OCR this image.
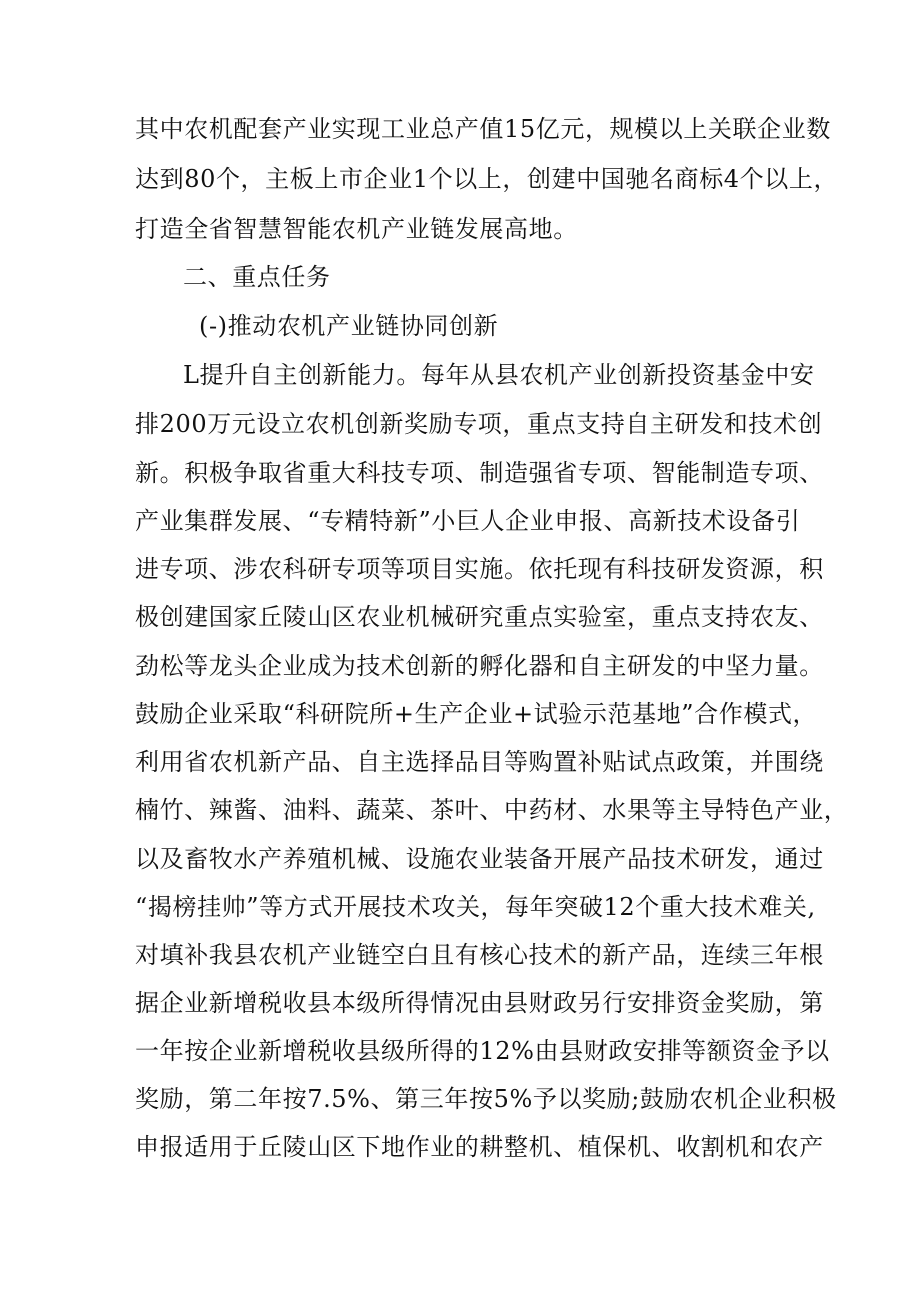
其中农机配套产业实现工业总产值15亿元，规模以上关联企业数
达到80个，主板上市企业1个以上，创建中国驰名商标4个以上，
打造全省智慧智能农机产业链发展高地。
二、重点任务
(-)推动农机产业链协同创新
L提升自主创新能力。每年从县农机产业创新投资基金中安
排200万元设立农机创新奖励专项，重点支持自主研发和技术创
新。积极争取省重大科技专项、制造强省专项、智能制造专项、
产业集群发展、“专精特新”小巨人企业申报、高新技术设备引
进专项、涉农科研专项等项目实施。依托现有科技研发资源，积
极创建国家丘陵山区农业机械研究重点实验室，重点支持农友、
劲松等龙头企业成为技术创新的孵化器和自主研发的中坚力量。
鼓励企业采取“科研院所+生产企业+试验示范基地”合作模式，
利用省农机新产品、自主选择品目等购置补贴试点政策，并围绕
楠竹、辣酱、油料、蔬菜、茶叶、中药材、水果等主导特色产业，
以及畜牧水产养殖机械、设施农业装备开展产品技术研发，通过
“揭榜挂帅”等方式开展技术攻关，每年突破12个重大技术难关,
对填补我县农机产业链空白且有核心技术的新产品，连续三年根
据企业新增税收县本级所得情况由县财政另行安排资金奖励，第
一年按企业新增税收县级所得的12%由县财政安排等额资金予以
奖励，第二年按7.5%、第三年按5%予以奖励;鼓励农机企业积极
申报适用于丘陵山区下地作业的耕整机、植保机、收割机和农产
